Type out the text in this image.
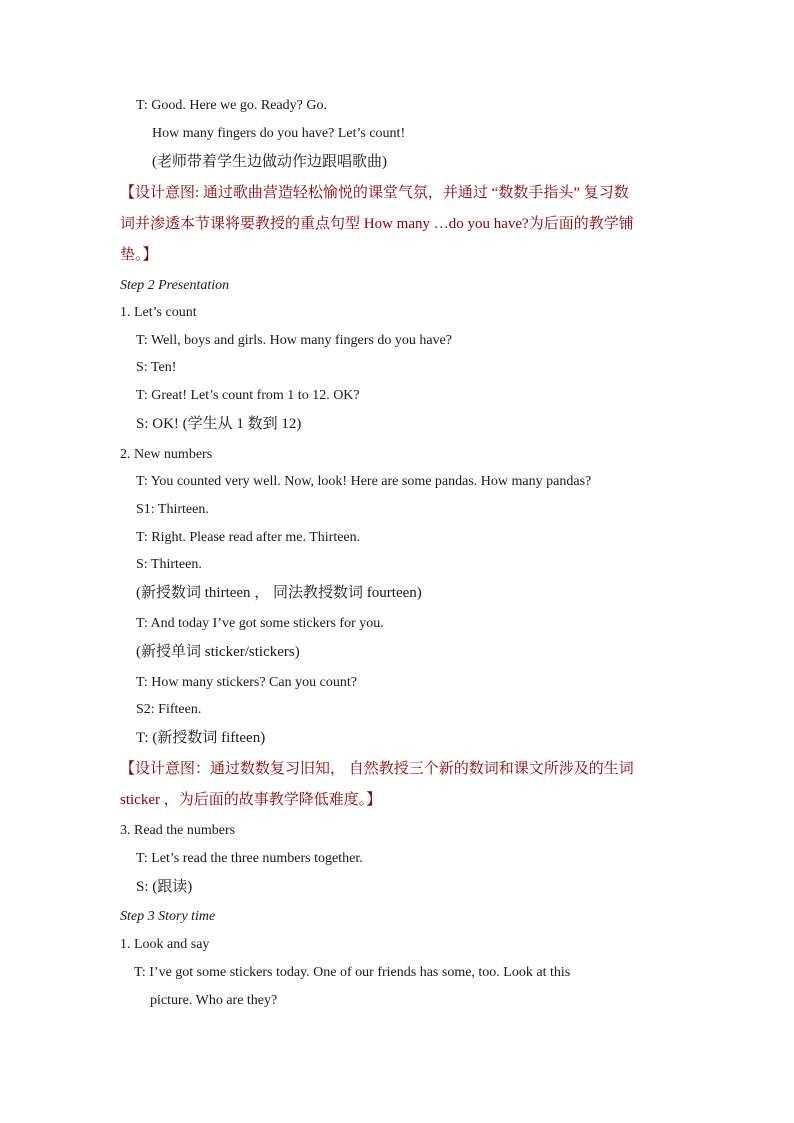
T: Good. Here we go. Ready? Go.
How many fingers do you have? Let’s count!
(老师带着学生边做动作边跟唱歌曲)
【设计意图: 通过歌曲营造轻松愉悦的课堂气氛，并通过 “数数手指头” 复习数
词并渗透本节课将要教授的重点句型 How many …do you have?为后面的教学铺
垫。】
Step 2 Presentation
1. Let’s count
T: Well, boys and girls. How many fingers do you have?
S: Ten!
T: Great! Let’s count from 1 to 12. OK?
S: OK! (学生从 1 数到 12)
2. New numbers
T: You counted very well. Now, look! Here are some pandas. How many pandas?
S1: Thirteen.
T: Right. Please read after me. Thirteen.
S: Thirteen.
(新授数词 thirteen ， 同法教授数词 fourteen)
T: And today I’ve got some stickers for you.
(新授单词 sticker/stickers)
T: How many stickers? Can you count?
S2: Fifteen.
T: (新授数词 fifteen)
【设计意图：通过数数复习旧知， 自然教授三个新的数词和课文所涉及的生词
sticker ，为后面的故事教学降低难度。】
3. Read the numbers
T: Let’s read the three numbers together.
S: (跟读)
Step 3 Story time
1. Look and say
T: I’ve got some stickers today. One of our friends has some, too. Look at this
picture. Who are they?
